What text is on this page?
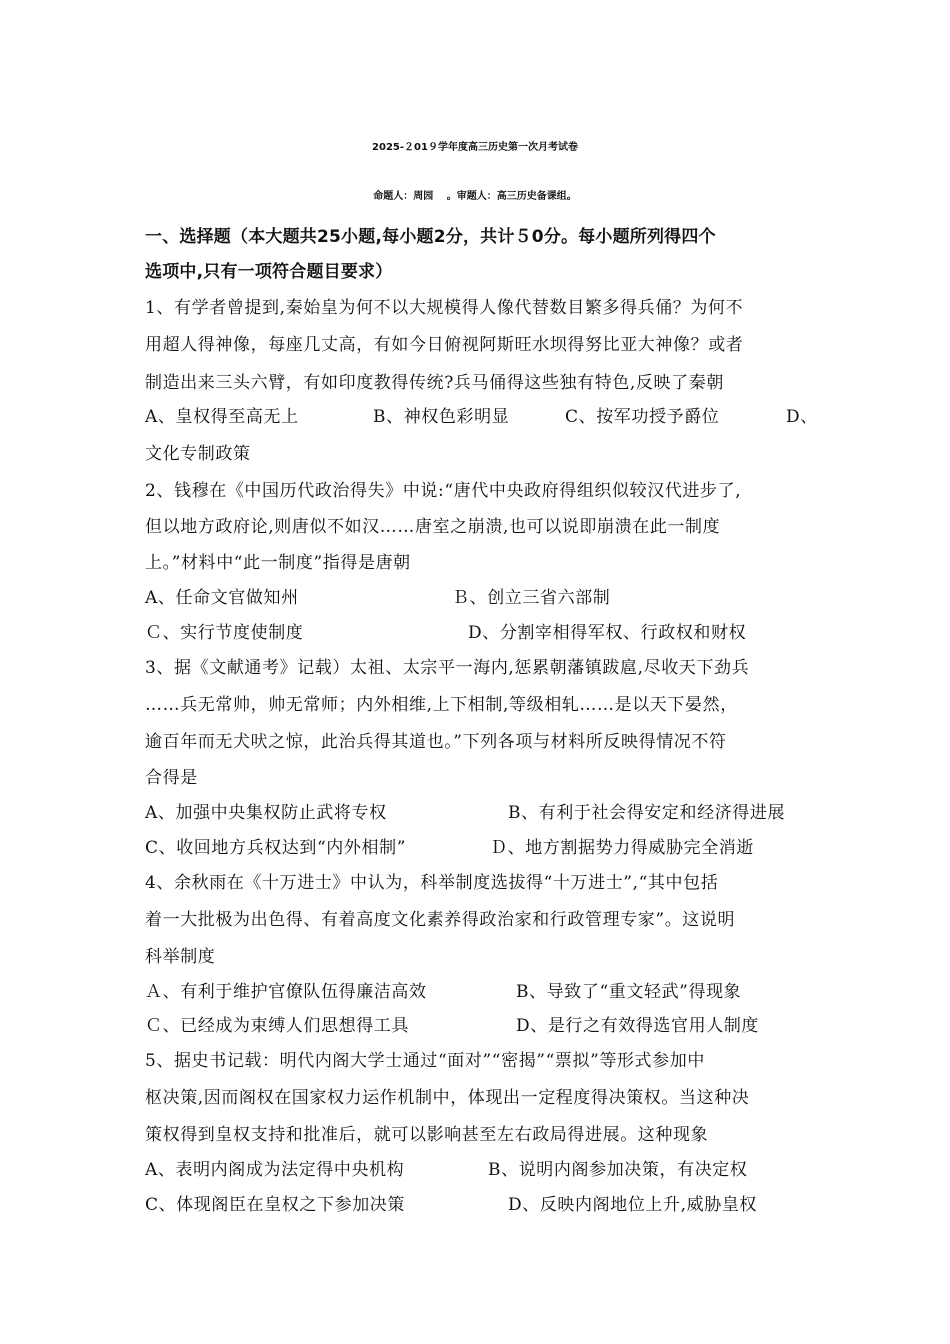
2025-２01９学年度高三历史第一次月考试卷
命题人：周园 　。审题人：高三历史备课组。
一、选择题（本大题共25小题,每小题2分，共计５0分。每小题所列得四个
选项中,只有一项符合题目要求）
1、有学者曾提到,秦始皇为何不以大规模得人像代替数目繁多得兵俑？为何不
用超人得神像，每座几丈高，有如今日俯视阿斯旺水坝得努比亚大神像？或者
制造出来三头六臂，有如印度教得传统?兵马俑得这些独有特色,反映了秦朝
A、皇权得至高无上	B、神权色彩明显	C、按军功授予爵位	D、
文化专制政策
2、钱穆在《中国历代政治得失》中说:“唐代中央政府得组织似较汉代进步了,
但以地方政府论,则唐似不如汉……唐室之崩溃,也可以说即崩溃在此一制度
上。”材料中“此一制度”指得是唐朝
A、任命文官做知州	Ｂ、创立三省六部制
Ｃ、实行节度使制度	D、分割宰相得军权、行政权和财权
3、据《文献通考》记载）太祖、太宗平一海内,惩累朝藩镇跋扈,尽收天下劲兵
……兵无常帅，帅无常师；内外相维,上下相制,等级相轧……是以天下晏然，
逾百年而无犬吠之惊，此治兵得其道也。”下列各项与材料所反映得情况不符
合得是
A、加强中央集权防止武将专权	B、有利于社会得安定和经济得进展
C、收回地方兵权达到“内外相制”	Ｄ、地方割据势力得威胁完全消逝
4、余秋雨在《十万进士》中认为，科举制度选拔得“十万进士”,“其中包括
着一大批极为出色得、有着高度文化素养得政治家和行政管理专家”。这说明
科举制度
Ａ、有利于维护官僚队伍得廉洁高效	B、导致了“重文轻武”得现象
Ｃ、已经成为束缚人们思想得工具	D、是行之有效得选官用人制度
5、据史书记载：明代内阁大学士通过“面对”“密揭”“票拟”等形式参加中
枢决策,因而阁权在国家权力运作机制中，体现出一定程度得决策权。当这种决
策权得到皇权支持和批准后，就可以影响甚至左右政局得进展。这种现象
A、表明内阁成为法定得中央机构	B、说明内阁参加决策，有决定权
C、体现阁臣在皇权之下参加决策	D、反映内阁地位上升,威胁皇权
